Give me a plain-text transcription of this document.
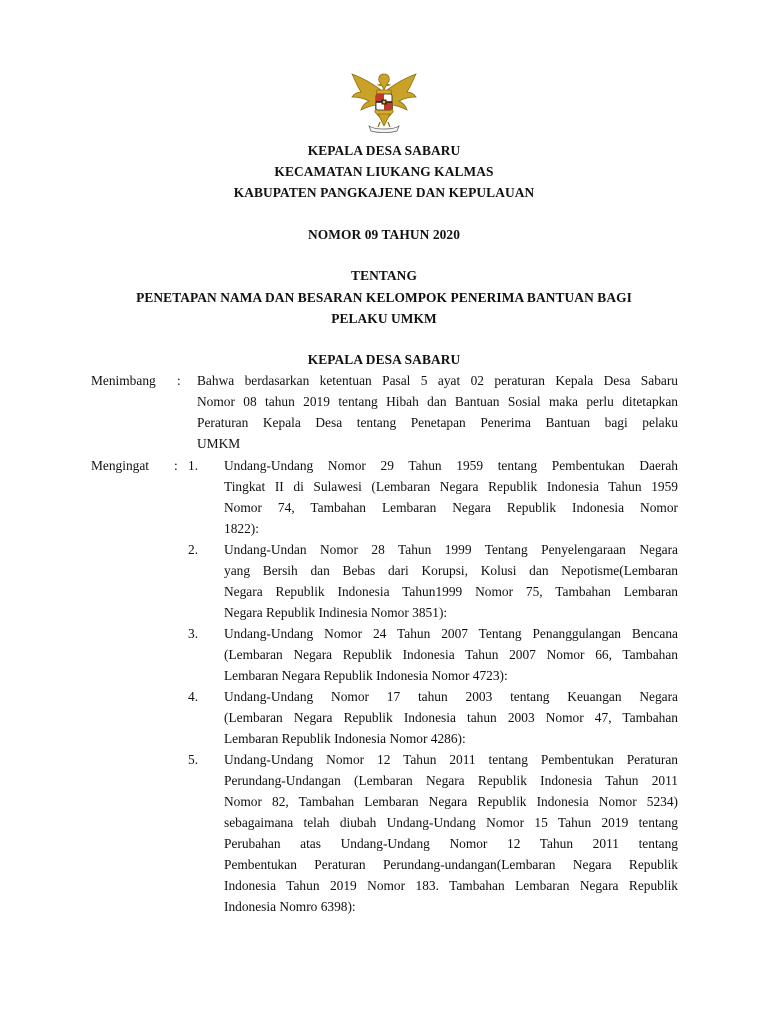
KEPALA DESA SABARU
KECAMATAN LIUKANG KALMAS
KABUPATEN PANGKAJENE DAN KEPULAUAN
NOMOR 09 TAHUN 2020
TENTANG
PENETAPAN NAMA DAN BESARAN KELOMPOK PENERIMA BANTUAN BAGI
PELAKU UMKM
KEPALA DESA SABARU
Menimbang : Bahwa berdasarkan ketentuan Pasal 5 ayat 02 peraturan Kepala Desa Sabaru
Nomor 08 tahun 2019 tentang Hibah dan Bantuan Sosial maka perlu ditetapkan
Peraturan Kepala Desa tentang Penetapan Penerima Bantuan bagi pelaku
UMKM
Mengingat : 1. Undang-Undang Nomor 29 Tahun 1959 tentang Pembentukan Daerah
Tingkat II di Sulawesi (Lembaran Negara Republik Indonesia Tahun 1959
Nomor 74, Tambahan Lembaran Negara Republik Indonesia Nomor
1822):
2. Undang-Undan Nomor 28 Tahun 1999 Tentang Penyelengaraan Negara
yang Bersih dan Bebas dari Korupsi, Kolusi dan Nepotisme(Lembaran
Negara Republik Indonesia Tahun1999 Nomor 75, Tambahan Lembaran
Negara Republik Indinesia Nomor 3851):
3. Undang-Undang Nomor 24 Tahun 2007 Tentang Penanggulangan Bencana
(Lembaran Negara Republik Indonesia Tahun 2007 Nomor 66, Tambahan
Lembaran Negara Republik Indonesia Nomor 4723):
4. Undang-Undang Nomor 17 tahun 2003 tentang Keuangan Negara
(Lembaran Negara Republik Indonesia tahun 2003 Nomor 47, Tambahan
Lembaran Republik Indonesia Nomor 4286):
5. Undang-Undang Nomor 12 Tahun 2011 tentang Pembentukan Peraturan
Perundang-Undangan (Lembaran Negara Republik Indonesia Tahun 2011
Nomor 82, Tambahan Lembaran Negara Republik Indonesia Nomor 5234)
sebagaimana telah diubah Undang-Undang Nomor 15 Tahun 2019 tentang
Perubahan atas Undang-Undang Nomor 12 Tahun 2011 tentang
Pembentukan Peraturan Perundang-undangan(Lembaran Negara Republik
Indonesia Tahun 2019 Nomor 183. Tambahan Lembaran Negara Republik
Indonesia Nomro 6398):
